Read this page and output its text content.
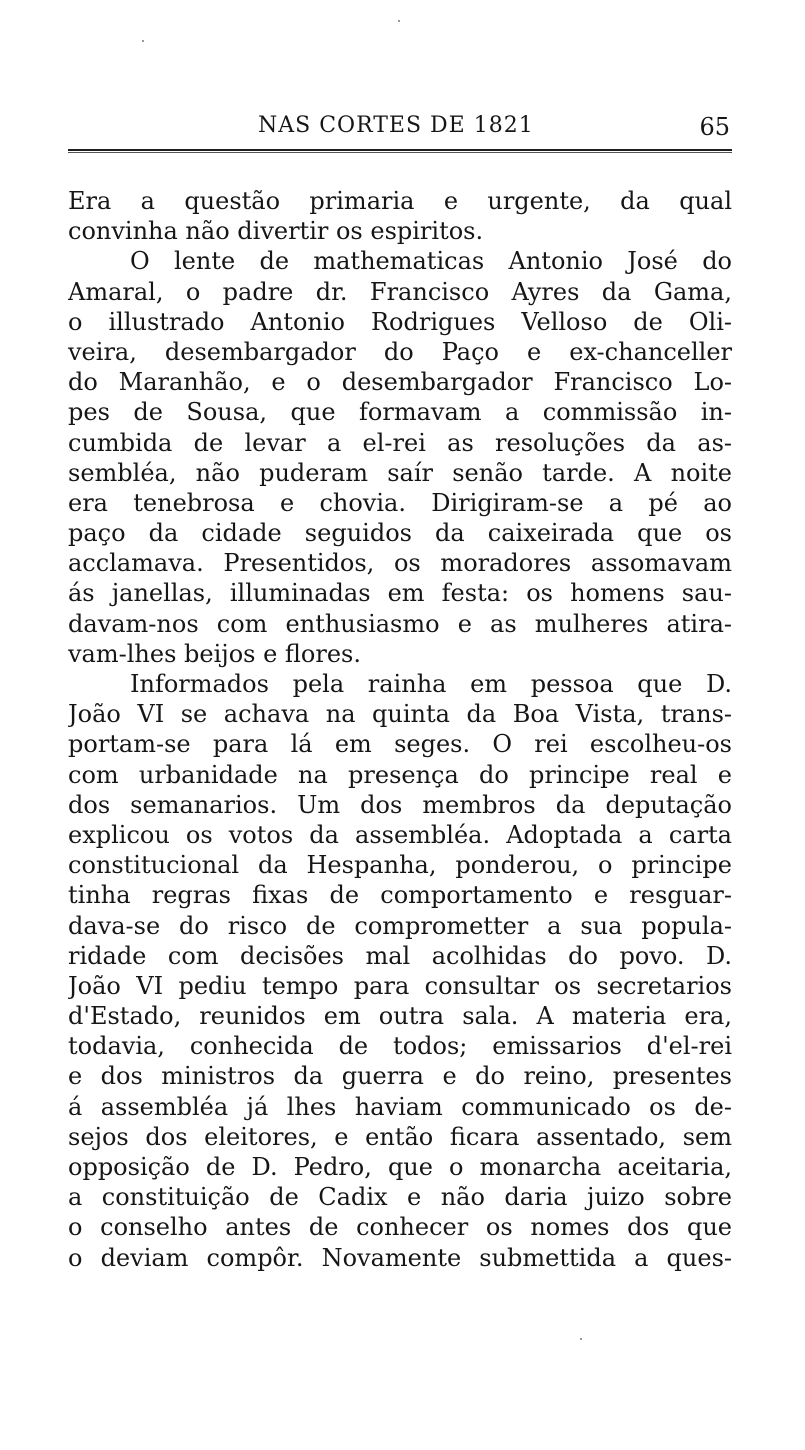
NAS CORTES DE 1821	65
Era a questão primaria e urgente, da qual
convinha não divertir os espiritos.
O lente de mathematicas Antonio José do
Amaral, o padre dr. Francisco Ayres da Gama,
o illustrado Antonio Rodrigues Velloso de Oli-
veira, desembargador do Paço e ex-chanceller
do Maranhão, e o desembargador Francisco Lo-
pes de Sousa, que formavam a commissão in-
cumbida de levar a el-rei as resoluções da as-
sembléa, não puderam saír senão tarde. A noite
era tenebrosa e chovia. Dirigiram-se a pé ao
paço da cidade seguidos da caixeirada que os
acclamava. Presentidos, os moradores assomavam
ás janellas, illuminadas em festa: os homens sau-
davam-nos com enthusiasmo e as mulheres atira-
vam-lhes beijos e flores.
Informados pela rainha em pessoa que D.
João VI se achava na quinta da Boa Vista, trans-
portam-se para lá em seges. O rei escolheu-os
com urbanidade na presença do principe real e
dos semanarios. Um dos membros da deputação
explicou os votos da assembléa. Adoptada a carta
constitucional da Hespanha, ponderou, o principe
tinha regras fixas de comportamento e resguar-
dava-se do risco de comprometter a sua popula-
ridade com decisões mal acolhidas do povo. D.
João VI pediu tempo para consultar os secretarios
d'Estado, reunidos em outra sala. A materia era,
todavia, conhecida de todos; emissarios d'el-rei
e dos ministros da guerra e do reino, presentes
á assembléa já lhes haviam communicado os de-
sejos dos eleitores, e então ficara assentado, sem
opposição de D. Pedro, que o monarcha aceitaria,
a constituição de Cadix e não daria juizo sobre
o conselho antes de conhecer os nomes dos que
o deviam compôr. Novamente submettida a ques-
